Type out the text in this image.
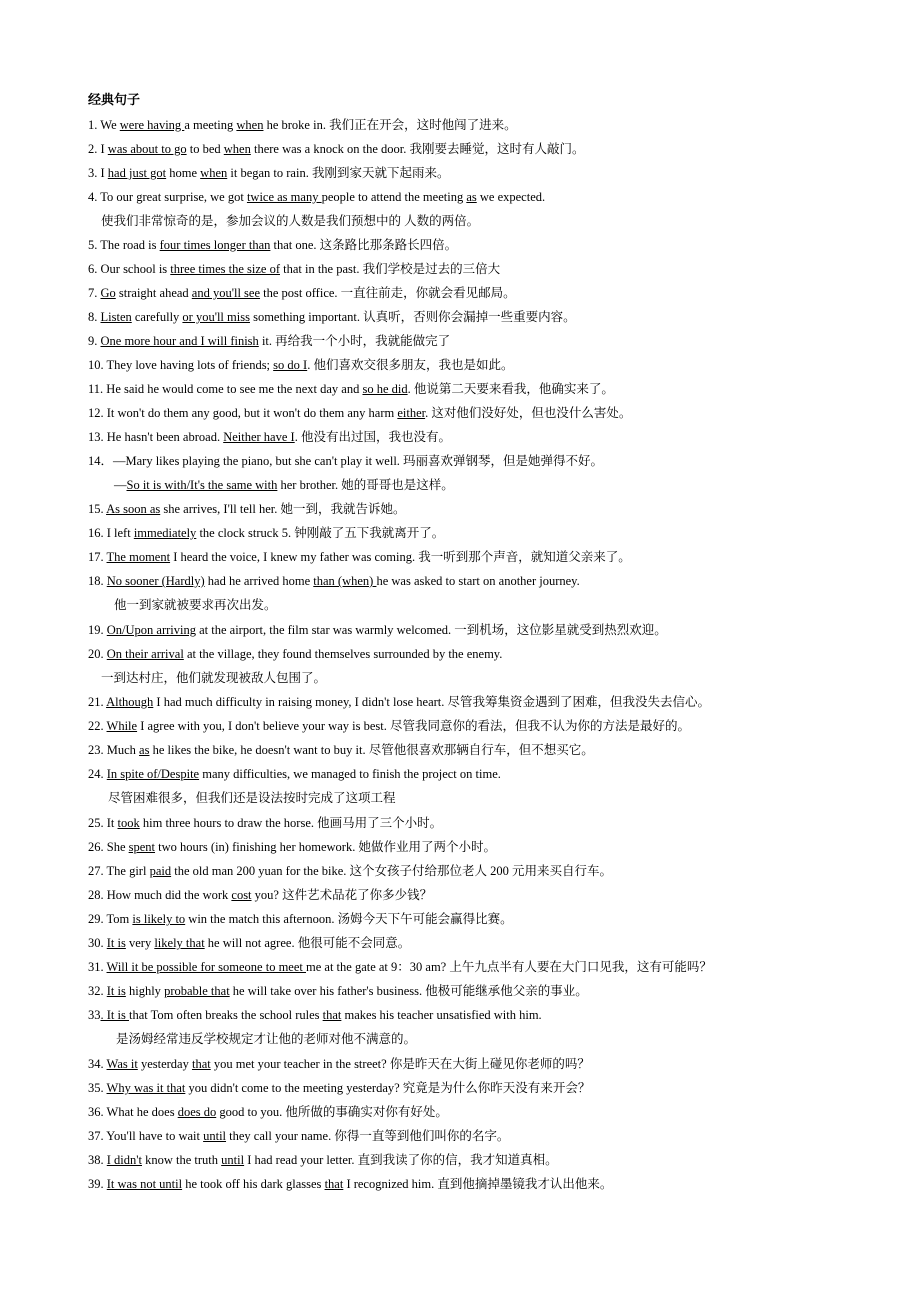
经典句子
1. We were having a meeting when he broke in. 我们正在开会，这时他闯了进来。
2. I was about to go to bed when there was a knock on the door. 我刚要去睡觉，这时有人敲门。
3. I had just got home when it began to rain. 我刚到家天就下起雨来。
4. To our great surprise, we got twice as many people to attend the meeting as we expected.
使我们非常惊奇的是，参加会议的人数是我们预想中的 人数的两倍。
5. The road is four times longer than that one. 这条路比那条路长四倍。
6. Our school is three times the size of that in the past. 我们学校是过去的三倍大
7. Go straight ahead and you'll see the post office. 一直往前走，你就会看见邮局。
8. Listen carefully or you'll miss something important. 认真听，否则你会漏掉一些重要内容。
9. One more hour and I will finish it. 再给我一个小时，我就能做完了
10. They love having lots of friends; so do I. 他们喜欢交很多朋友，我也是如此。
11. He said he would come to see me the next day and so he did. 他说第二天要来看我，他确实来了。
12. It won't do them any good, but it won't do them any harm either. 这对他们没好处，但也没什么害处。
13. He hasn't been abroad. Neither have I. 他没有出过国，我也没有。
14．—Mary likes playing the piano, but she can't play it well. 玛丽喜欢弹钢琴，但是她弹得不好。
—So it is with/It's the same with her brother. 她的哥哥也是这样。
15. As soon as she arrives, I'll tell her. 她一到，我就告诉她。
16. I left immediately the clock struck 5. 钟刚敲了五下我就离开了。
17. The moment I heard the voice, I knew my father was coming. 我一听到那个声音，就知道父亲来了。
18. No sooner (Hardly) had he arrived home than (when) he was asked to start on another journey.
他一到家就被要求再次出发。
19. On/Upon arriving at the airport, the film star was warmly welcomed. 一到机场，这位影星就受到热烈欢迎。
20. On their arrival at the village, they found themselves surrounded by the enemy.
一到达村庄，他们就发现被敌人包围了。
21. Although I had much difficulty in raising money, I didn't lose heart. 尽管我筹集资金遇到了困难，但我没失去信心。
22. While I agree with you, I don't believe your way is best. 尽管我同意你的看法，但我不认为你的方法是最好的。
23. Much as he likes the bike, he doesn't want to buy it. 尽管他很喜欢那辆自行车，但不想买它。
24. In spite of/Despite many difficulties, we managed to finish the project on time.
尽管困难很多，但我们还是设法按时完成了这项工程
25. It took him three hours to draw the horse. 他画马用了三个小时。
26. She spent two hours (in) finishing her homework. 她做作业用了两个小时。
27. The girl paid the old man 200 yuan for the bike. 这个女孩子付给那位老人 200 元用来买自行车。
28. How much did the work cost you? 这件艺术品花了你多少钱？
29. Tom is likely to win the match this afternoon. 汤姆今天下午可能会赢得比赛。
30. It is very likely that he will not agree. 他很可能不会同意。
31. Will it be possible for someone to meet me at the gate at 9：30 am? 上午九点半有人要在大门口见我，这有可能吗？
32. It is highly probable that he will take over his father's business. 他极可能继承他父亲的事业。
33. It is that Tom often breaks the school rules that makes his teacher unsatisfied with him.
是汤姆经常违反学校规定才让他的老师对他不满意的。
34. Was it yesterday that you met your teacher in the street? 你是昨天在大街上碰见你老师的吗？
35. Why was it that you didn't come to the meeting yesterday? 究竟是为什么你昨天没有来开会？
36. What he does does do good to you. 他所做的事确实对你有好处。
37. You'll have to wait until they call your name. 你得一直等到他们叫你的名字。
38. I didn't know the truth until I had read your letter. 直到我读了你的信，我才知道真相。
39. It was not until he took off his dark glasses that I recognized him. 直到他摘掉墨镜我才认出他来。
